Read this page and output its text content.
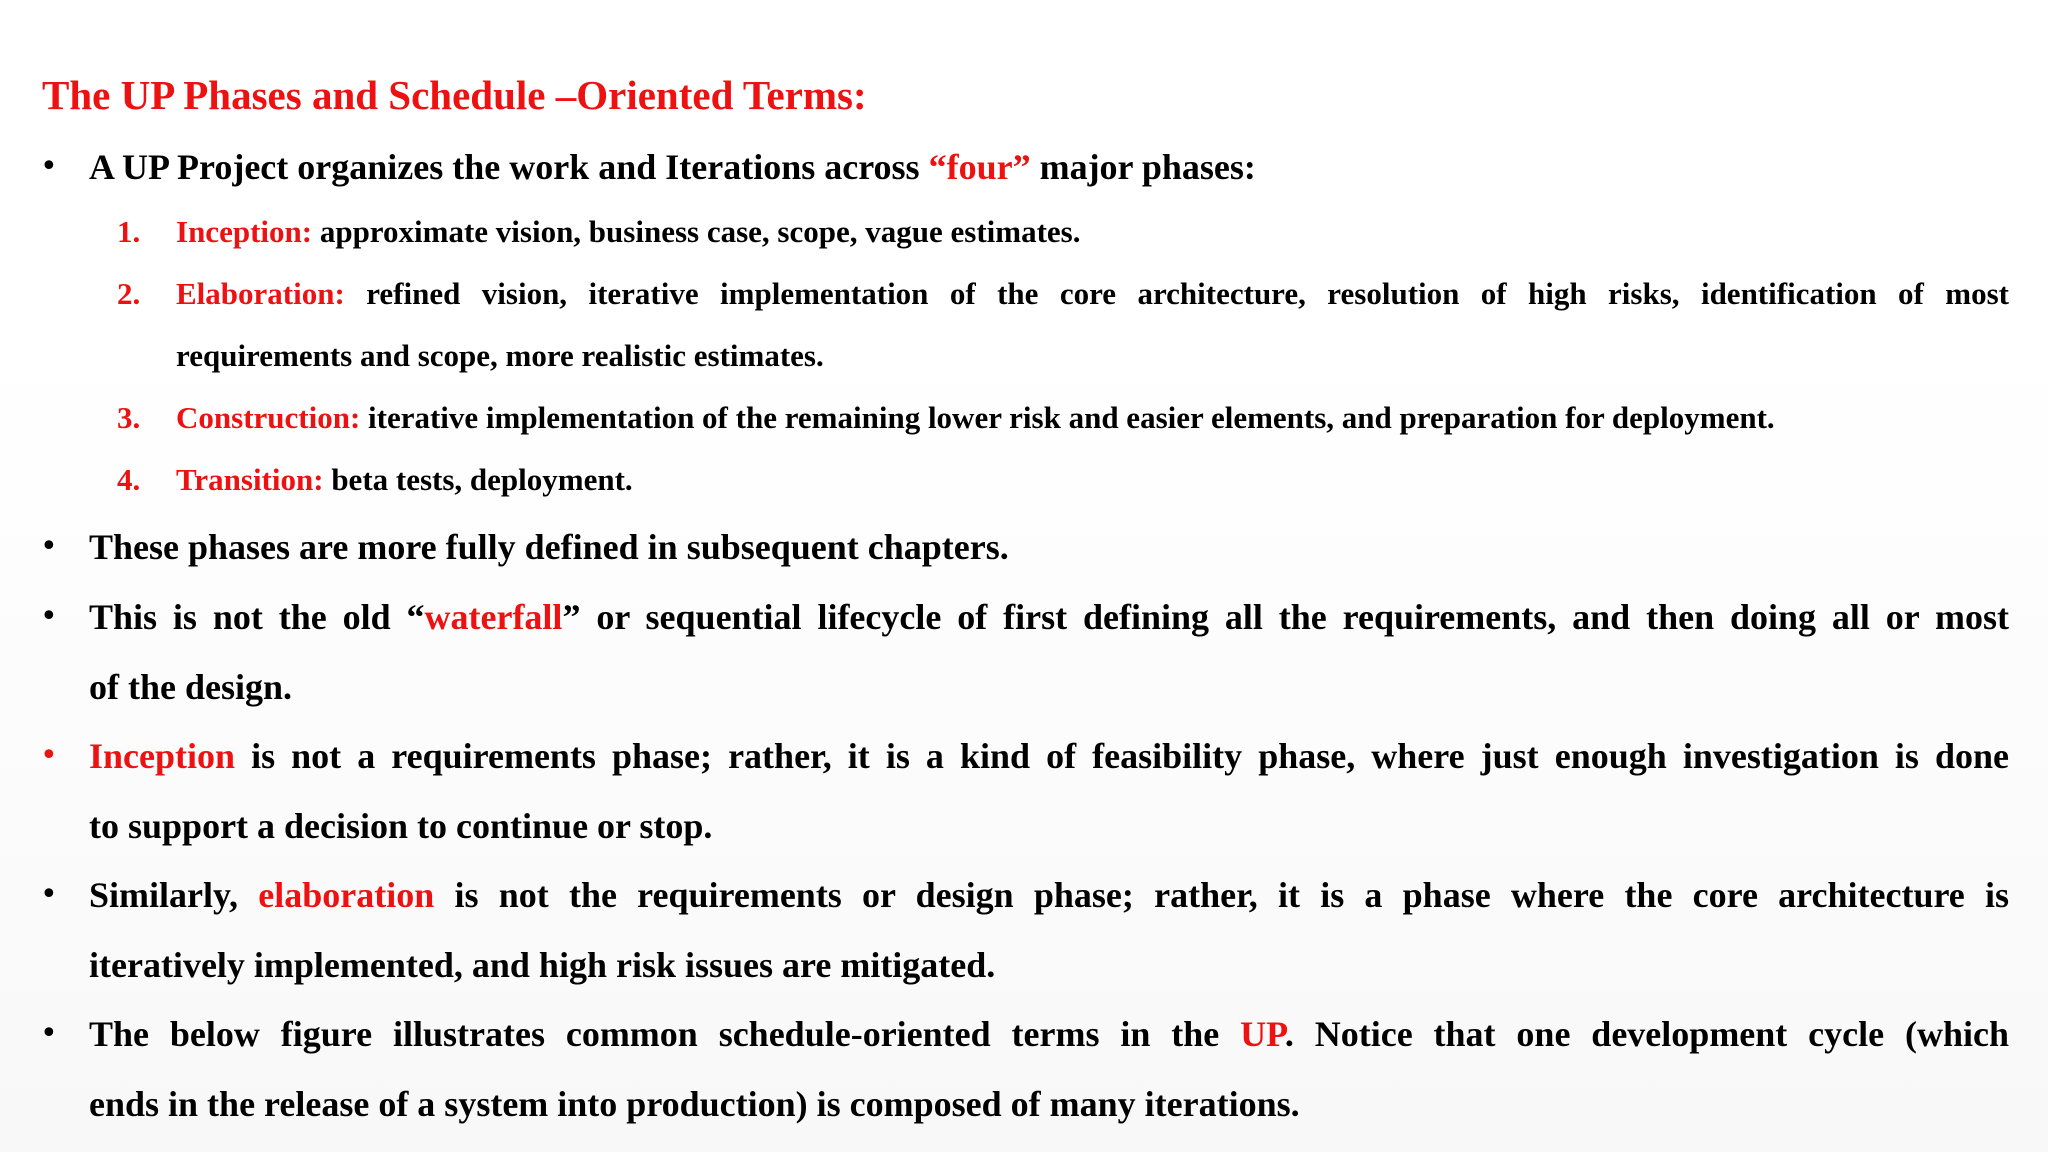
The UP Phases and Schedule –Oriented Terms:
• A UP Project organizes the work and Iterations across “four” major phases:
1. Inception: approximate vision, business case, scope, vague estimates.
2. Elaboration: refined vision, iterative implementation of the core architecture, resolution of high risks, identification of most
requirements and scope, more realistic estimates.
3. Construction: iterative implementation of the remaining lower risk and easier elements, and preparation for deployment.
4. Transition: beta tests, deployment.
• These phases are more fully defined in subsequent chapters.
• This is not the old “waterfall” or sequential lifecycle of first defining all the requirements, and then doing all or most
of the design.
• Inception is not a requirements phase; rather, it is a kind of feasibility phase, where just enough investigation is done
to support a decision to continue or stop.
• Similarly, elaboration is not the requirements or design phase; rather, it is a phase where the core architecture is
iteratively implemented, and high risk issues are mitigated.
• The below figure illustrates common schedule-oriented terms in the UP. Notice that one development cycle (which
ends in the release of a system into production) is composed of many iterations.
